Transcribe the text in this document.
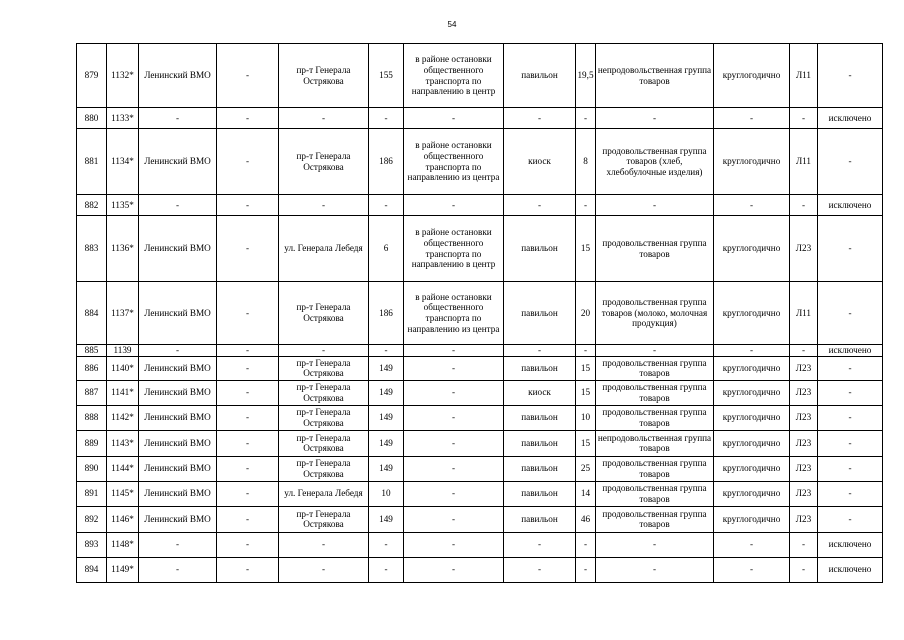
54
879	1132*	Ленинский ВМО	-	пр-т Генерала Острякова	155	в районе остановки общественного транспорта по направлению в центр	павильон	19,5	непродовольственная группа товаров	круглогодично	Л11	-
880	1133*	-	-	-	-	-	-	-	-	-	-	исключено
881	1134*	Ленинский ВМО	-	пр-т Генерала Острякова	186	в районе остановки общественного транспорта по направлению из центра	киоск	8	продовольственная группа товаров (хлеб, хлебобулочные изделия)	круглогодично	Л11	-
882	1135*	-	-	-	-	-	-	-	-	-	-	исключено
883	1136*	Ленинский ВМО	-	ул. Генерала Лебедя	6	в районе остановки общественного транспорта по направлению в центр	павильон	15	продовольственная группа товаров	круглогодично	Л23	-
884	1137*	Ленинский ВМО	-	пр-т Генерала Острякова	186	в районе остановки общественного транспорта по направлению из центра	павильон	20	продовольственная группа товаров (молоко, молочная продукция)	круглогодично	Л11	-
885	1139	-	-	-	-	-	-	-	-	-	-	исключено
886	1140*	Ленинский ВМО	-	пр-т Генерала Острякова	149	-	павильон	15	продовольственная группа товаров	круглогодично	Л23	-
887	1141*	Ленинский ВМО	-	пр-т Генерала Острякова	149	-	киоск	15	продовольственная группа товаров	круглогодично	Л23	-
888	1142*	Ленинский ВМО	-	пр-т Генерала Острякова	149	-	павильон	10	продовольственная группа товаров	круглогодично	Л23	-
889	1143*	Ленинский ВМО	-	пр-т Генерала Острякова	149	-	павильон	15	непродовольственная группа товаров	круглогодично	Л23	-
890	1144*	Ленинский ВМО	-	пр-т Генерала Острякова	149	-	павильон	25	продовольственная группа товаров	круглогодично	Л23	-
891	1145*	Ленинский ВМО	-	ул. Генерала Лебедя	10	-	павильон	14	продовольственная группа товаров	круглогодично	Л23	-
892	1146*	Ленинский ВМО	-	пр-т Генерала Острякова	149	-	павильон	46	продовольственная группа товаров	круглогодично	Л23	-
893	1148*	-	-	-	-	-	-	-	-	-	-	исключено
894	1149*	-	-	-	-	-	-	-	-	-	-	исключено
